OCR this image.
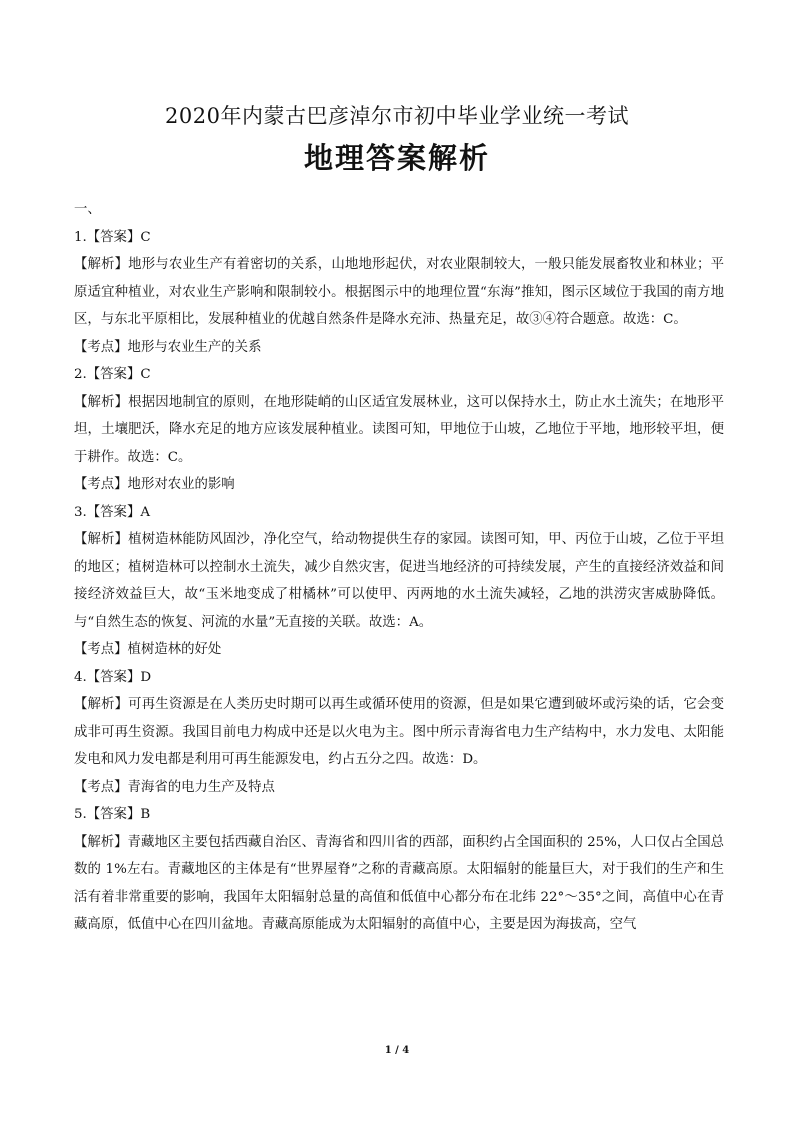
2020年内蒙古巴彦淖尔市初中毕业学业统一考试
地理答案解析

一、

1.【答案】C

【解析】地形与农业生产有着密切的关系，山地地形起伏，对农业限制较大，一般只能发展畜牧业和林业；平原适宜种植业，对农业生产影响和限制较小。根据图示中的地理位置“东海”推知，图示区域位于我国的南方地区，与东北平原相比，发展种植业的优越自然条件是降水充沛、热量充足，故③④符合题意。故选：C。

【考点】地形与农业生产的关系

2.【答案】C

【解析】根据因地制宜的原则，在地形陡峭的山区适宜发展林业，这可以保持水土，防止水土流失；在地形平坦，土壤肥沃，降水充足的地方应该发展种植业。读图可知，甲地位于山坡，乙地位于平地，地形较平坦，便于耕作。故选：C。

【考点】地形对农业的影响

3.【答案】A

【解析】植树造林能防风固沙，净化空气，给动物提供生存的家园。读图可知，甲、丙位于山坡，乙位于平坦的地区；植树造林可以控制水土流失，减少自然灾害，促进当地经济的可持续发展，产生的直接经济效益和间接经济效益巨大，故“玉米地变成了柑橘林”可以使甲、丙两地的水土流失减轻，乙地的洪涝灾害威胁降低。与“自然生态的恢复、河流的水量”无直接的关联。故选：A。

【考点】植树造林的好处

4.【答案】D

【解析】可再生资源是在人类历史时期可以再生或循环使用的资源，但是如果它遭到破坏或污染的话，它会变成非可再生资源。我国目前电力构成中还是以火电为主。图中所示青海省电力生产结构中，水力发电、太阳能发电和风力发电都是利用可再生能源发电，约占五分之四。故选：D。

【考点】青海省的电力生产及特点

5.【答案】B

【解析】青藏地区主要包括西藏自治区、青海省和四川省的西部，面积约占全国面积的 25%，人口仅占全国总数的 1%左右。青藏地区的主体是有“世界屋脊”之称的青藏高原。太阳辐射的能量巨大，对于我们的生产和生活有着非常重要的影响，我国年太阳辐射总量的高值和低值中心都分布在北纬 22°～35°之间，高值中心在青藏高原，低值中心在四川盆地。青藏高原能成为太阳辐射的高值中心，主要是因为海拔高，空气

1 / 4
